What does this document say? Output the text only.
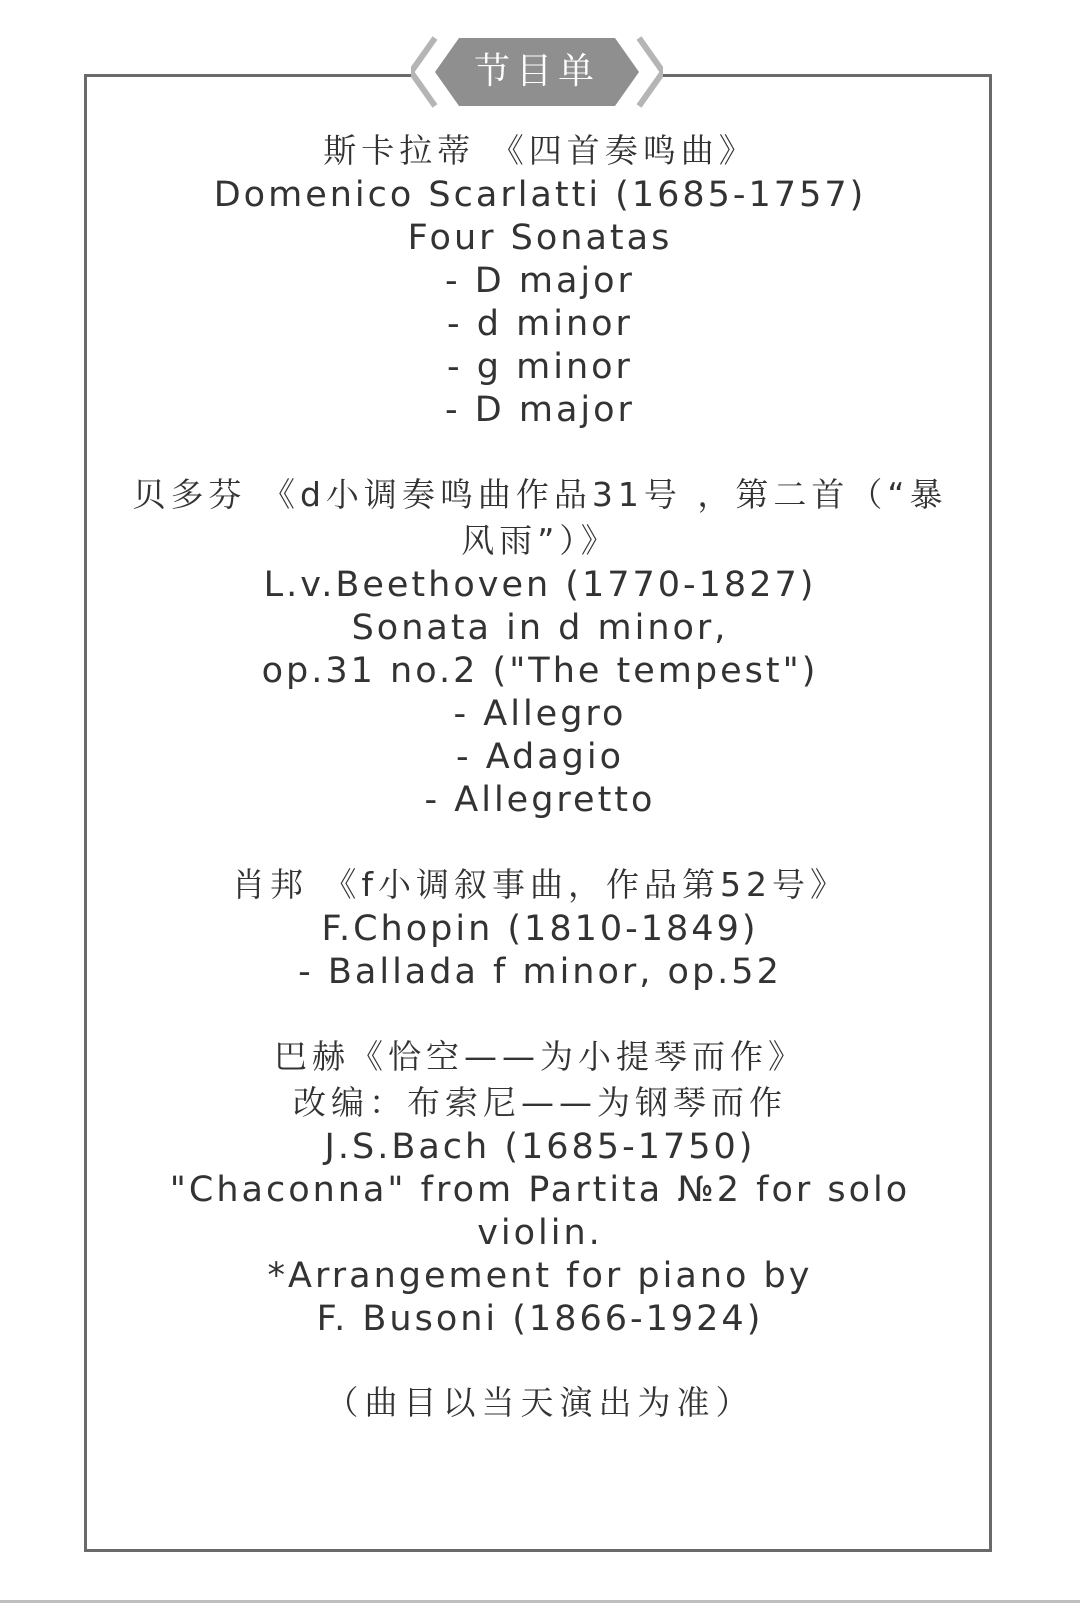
节目单
斯卡拉蒂 《四首奏鸣曲》
Domenico Scarlatti (1685-1757)
Four Sonatas
- D major
- d minor
- g minor
- D major
贝多芬 《d小调奏鸣曲作品31号 ，第二首（“暴
风雨”）》
L.v.Beethoven (1770-1827)
Sonata in d minor,
op.31 no.2 ("The tempest")
- Allegro
- Adagio
- Allegretto
肖邦 《f小调叙事曲，作品第52号》
F.Chopin (1810-1849)
- Ballada f minor, op.52
巴赫《恰空——为小提琴而作》
改编：布索尼——为钢琴而作
J.S.Bach (1685-1750)
"Chaconna" from Partita №2 for solo
violin.
*Arrangement for piano by
F. Busoni (1866-1924)
（曲目以当天演出为准）
